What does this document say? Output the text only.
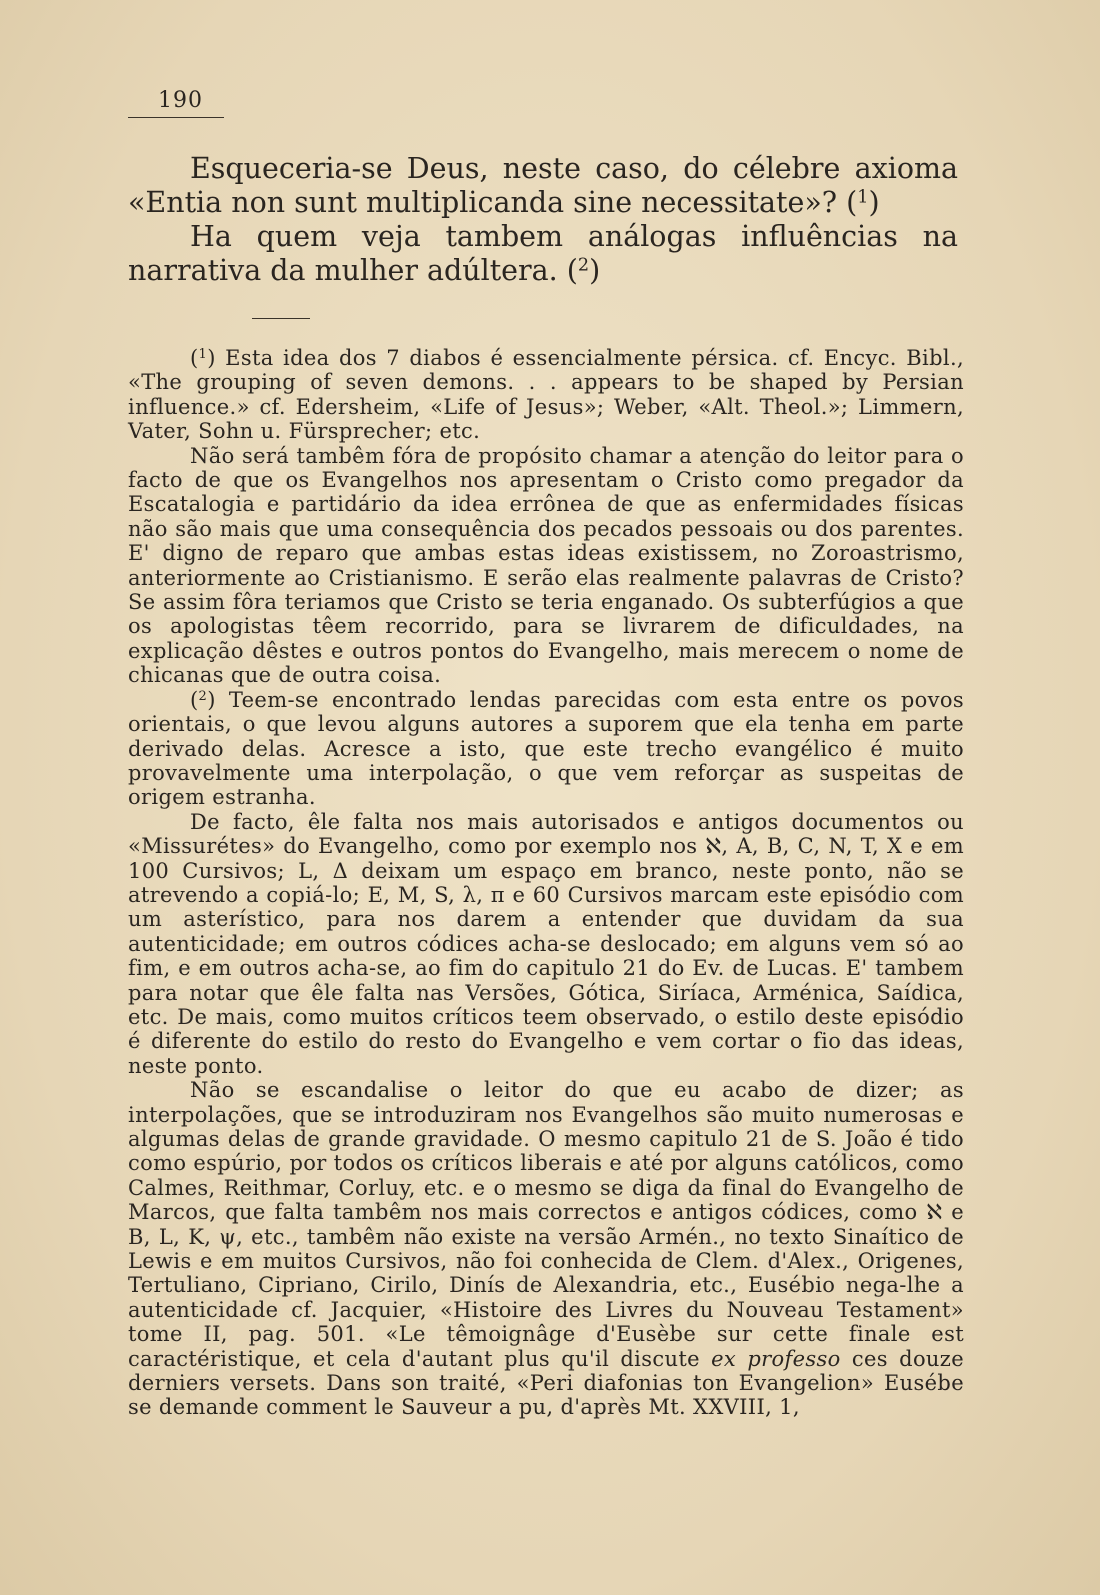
190

Esqueceria-se Deus, neste caso, do célebre axioma «Entia non sunt multiplicanda sine necessitate»? ($^1$)

Ha quem veja tambem análogas influências na narrativa da mulher adúltera. ($^2$)

($^1$) Esta idea dos 7 diabos é essencialmente pérsica. cf. Encyc. Bibl., «The grouping of seven demons. . . appears to be shaped by Persian influence.» cf. Edersheim, «Life of Jesus»; Weber, «Alt. Theol.»; Limmern, Vater, Sohn u. Fürsprecher; etc.

Não será tambêm fóra de propósito chamar a atenção do leitor para o facto de que os Evangelhos nos apresentam o Cristo como pregador da Escatalogia e partidário da idea errônea de que as enfermidades físicas não são mais que uma consequência dos pecados pessoais ou dos parentes. E' digno de reparo que ambas estas ideas existissem, no Zoroastrismo, anteriormente ao Cristianismo. E serão elas realmente palavras de Cristo? Se assim fôra teriamos que Cristo se teria enganado. Os subterfúgios a que os apologistas têem recorrido, para se livrarem de dificuldades, na explicação dêstes e outros pontos do Evangelho, mais merecem o nome de chicanas que de outra coisa.

($^2$) Teem-se encontrado lendas parecidas com esta entre os povos orientais, o que levou alguns autores a suporem que ela tenha em parte derivado delas. Acresce a isto, que este trecho evangélico é muito provavelmente uma interpolação, o que vem reforçar as suspeitas de origem estranha.

De facto, êle falta nos mais autorisados e antigos documentos ou «Missurétes» do Evangelho, como por exemplo nos ℵ, A, B, C, N, T, X e em 100 Cursivos; L, Δ deixam um espaço em branco, neste ponto, não se atrevendo a copiá-lo; E, M, S, λ, π e 60 Cursivos marcam este episódio com um asterístico, para nos darem a entender que duvidam da sua autenticidade; em outros códices acha-se deslocado; em alguns vem só ao fim, e em outros acha-se, ao fim do capitulo 21 do Ev. de Lucas. E' tambem para notar que êle falta nas Versões, Gótica, Siríaca, Arménica, Saídica, etc. De mais, como muitos críticos teem observado, o estilo deste episódio é diferente do estilo do resto do Evangelho e vem cortar o fio das ideas, neste ponto.

Não se escandalise o leitor do que eu acabo de dizer; as interpolações, que se introduziram nos Evangelhos são muito numerosas e algumas delas de grande gravidade. O mesmo capitulo 21 de S. João é tido como espúrio, por todos os críticos liberais e até por alguns católicos, como Calmes, Reithmar, Corluy, etc. e o mesmo se diga da final do Evangelho de Marcos, que falta tambêm nos mais correctos e antigos códices, como ℵ e B, L, K, ψ, etc., tambêm não existe na versão Armén., no texto Sinaítico de Lewis e em muitos Cursivos, não foi conhecida de Clem. d'Alex., Origenes, Tertuliano, Cipriano, Cirilo, Dinís de Alexandria, etc., Eusébio nega-lhe a autenticidade cf. Jacquier, «Histoire des Livres du Nouveau Testament» tome II, pag. 501. «Le têmoignâge d'Eusèbe sur cette finale est caractéristique, et cela d'autant plus qu'il discute ex professo ces douze derniers versets. Dans son traité, «Peri diafonias ton Evangelion» Eusébe se demande comment le Sauveur a pu, d'après Mt. XXVIII, 1,
